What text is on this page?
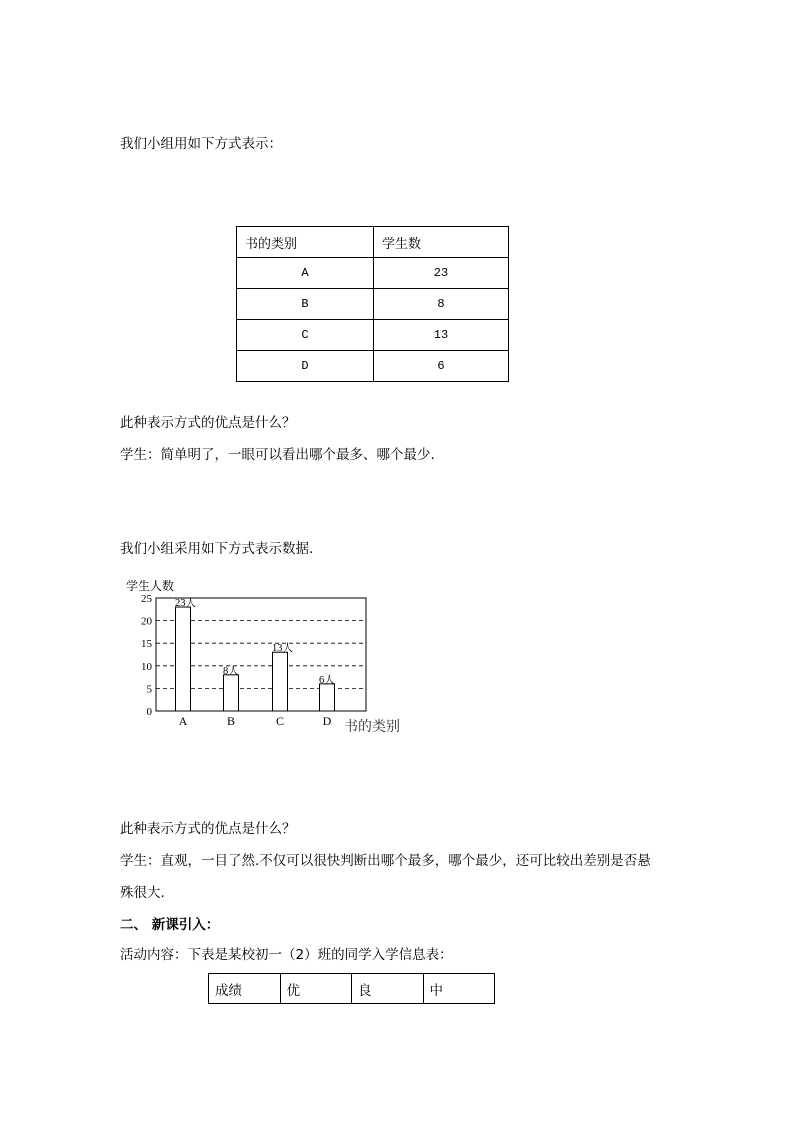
我们小组用如下方式表示：
书的类别	学生数
A	23
B	8
C	13
D	6
此种表示方式的优点是什么？
学生：简单明了，一眼可以看出哪个最多、哪个最少.
我们小组采用如下方式表示数据.
0
5
10
15
20
25
学生人数
23人
A
8人
B
13人
C
6人
D 书的类别
此种表示方式的优点是什么？
学生：直观，一目了然.不仅可以很快判断出哪个最多，哪个最少，还可比较出差别是否悬
殊很大.
二、 新课引入：
活动内容：下表是某校初一（2）班的同学入学信息表：
成绩	优	良	中
